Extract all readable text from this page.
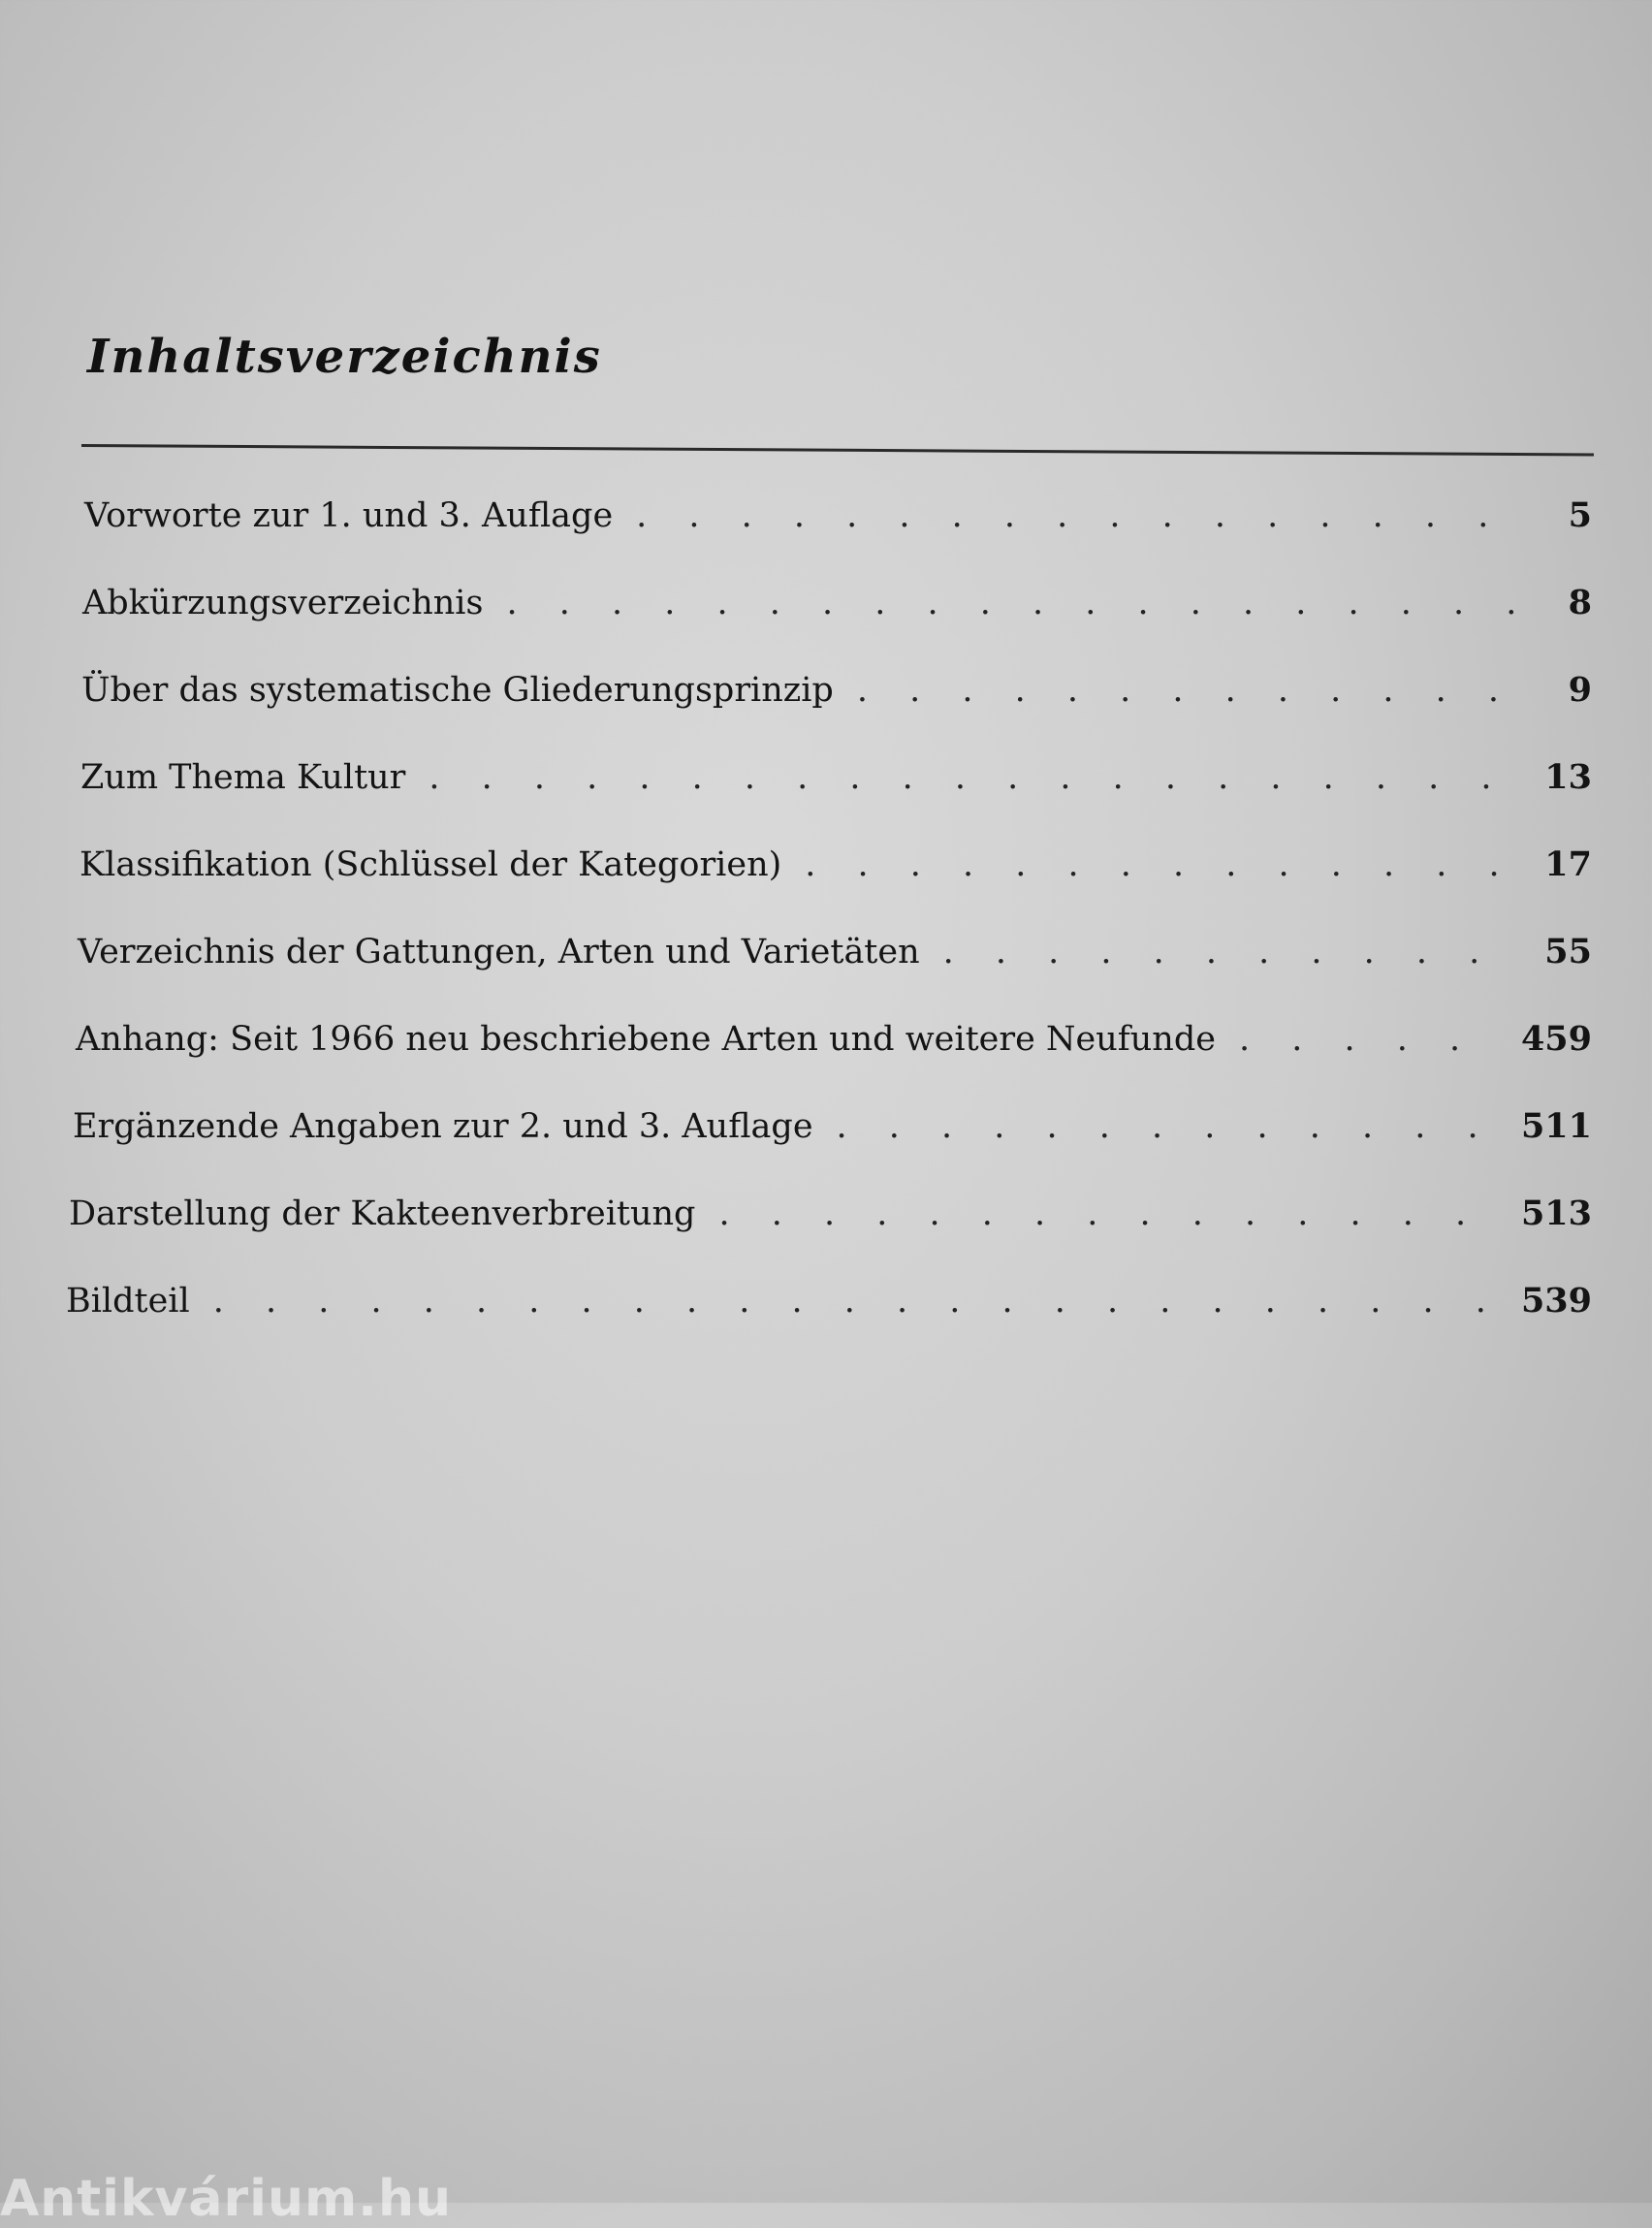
Inhaltsverzeichnis
Vorworte zur 1. und 3. Auflage . . .	5
Abkürzungsverzeichnis . . .	8
Über das systematische Gliederungsprinzip . . .	9
Zum Thema Kultur . . .	13
Klassifikation (Schlüssel der Kategorien) . . .	17
Verzeichnis der Gattungen, Arten und Varietäten . . .	55
Anhang: Seit 1966 neu beschriebene Arten und weitere Neufunde . . .	459
Ergänzende Angaben zur 2. und 3. Auflage . . .	511
Darstellung der Kakteenverbreitung . . .	513
Bildteil . . .	539
Antikvárium.hu
